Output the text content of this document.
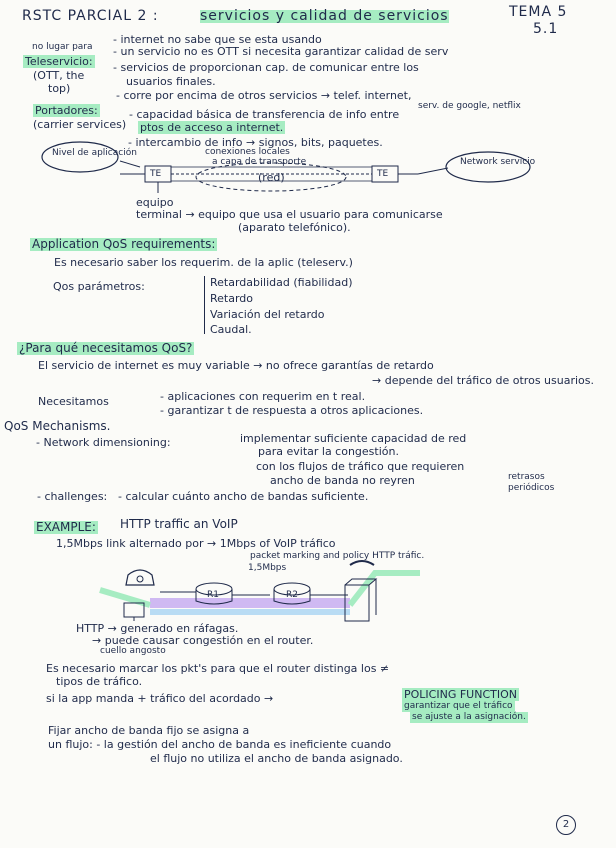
RSTC PARCIAL 2 :	servicios y calidad de servicios	TEMA 5
5.1
no lugar para
Teleservicio:
(OTT, the
top)
- internet no sabe que se esta usando
- un servicio no es OTT si necesita garantizar calidad de serv
- servicios de proporcionan cap. de comunicar entre los
usuarios finales.
- corre por encima de otros servicios → telef. internet,
serv. de google, netflix
Portadores:
(carrier services)
- capacidad básica de transferencia de info entre
ptos de acceso a internet.
Nivel de aplicación
- intercambio de info → signos, bits, paquetes.
conexiones locales
a capa de transporte
TE	TE
(red)
Network servicio
equipo
terminal → equipo que usa el usuario para comunicarse
(aparato telefónico).
Application QoS requirements:
Es necesario saber los requerim. de la aplic (teleserv.)
Qos parámetros:	Retardabilidad (fiabilidad)
Retardo
Variación del retardo
Caudal.
¿Para qué necesitamos QoS?
El servicio de internet es muy variable → no ofrece garantías de retardo
→ depende del tráfico de otros usuarios.
Necesitamos	- aplicaciones con requerim en t real.
- garantizar t de respuesta a otros aplicaciones.
QoS Mechanisms.
- Network dimensioning:	implementar suficiente capacidad de red
para evitar la congestión.
con los flujos de tráfico que requieren
ancho de banda no reyren	retrasos
periódicos
- challenges: - calcular cuánto ancho de bandas suficiente.
EXAMPLE: HTTP traffic an VoIP
1,5Mbps link alternado por → 1Mbps of VoIP tráfico
packet marking and policy HTTP tráfic.
1,5Mbps
R1	R2
HTTP → generado en ráfagas.
→ puede causar congestión en el router.
cuello angosto
Es necesario marcar los pkt's para que el router distinga los ≠
tipos de tráfico.
si la app manda + tráfico del acordado →	POLICING FUNCTION
garantizar que el tráfico
se ajuste a la asignación.
Fijar ancho de banda fijo se asigna a
un flujo: - la gestión del ancho de banda es ineficiente cuando
el flujo no utiliza el ancho de banda asignado.
2
